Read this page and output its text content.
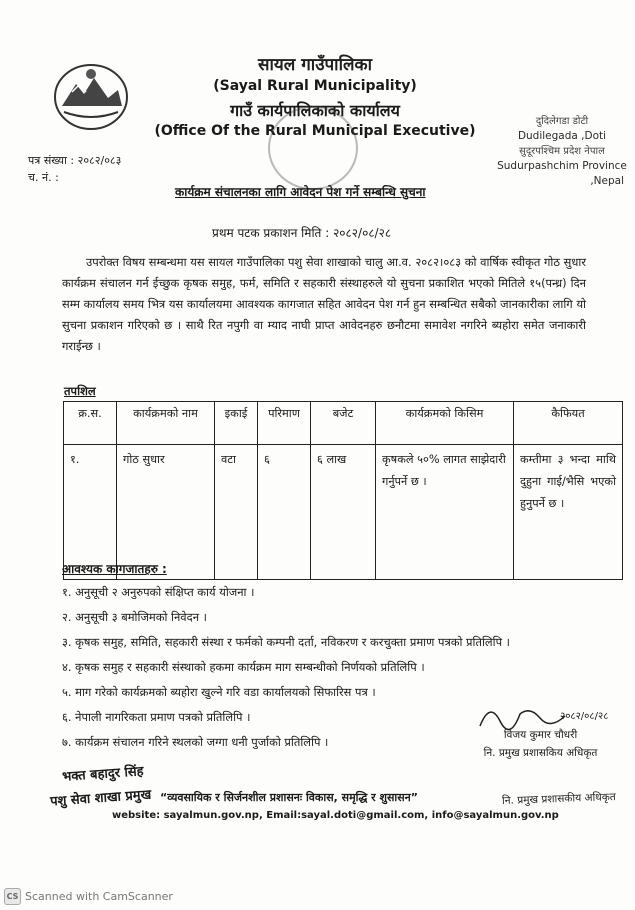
सायल गाउँपालिका
(Sayal Rural Municipality)
गाउँ कार्यपालिकाको कार्यालय
(Office Of the Rural Municipal Executive)
दुदिलेगडा डोटी
Dudilegada ,Doti
सुदूरपश्चिम प्रदेश नेपाल
Sudurpashchim Province
,Nepal
पत्र संख्या : २०८२/०८३
च. नं. :
कार्यक्रम संचालनका लागि आवेदन पेश गर्ने सम्बन्धि सुचना
प्रथम पटक प्रकाशन मिति : २०८२/०८/२८
उपरोक्त विषय सम्बन्धमा यस सायल गाउँपालिका पशु सेवा शाखाको चालु आ.व. २०८२।०८३ को वार्षिक स्वीकृत गोठ सुधार कार्यक्रम संचालन गर्न ईच्छुक कृषक समुह, फर्म, समिति र सहकारी संस्थाहरुले यो सुचना प्रकाशित भएको मितिले १५(पन्ध्र) दिन सम्म कार्यालय समय भित्र यस कार्यालयमा आवश्यक कागजात सहित आवेदन पेश गर्न हुन सम्बन्धित सबैको जानकारीका लागि यो सुचना प्रकाशन गरिएको छ । साथै रित नपुगी वा म्याद नाघी प्राप्त आवेदनहरु छनौटमा समावेश नगरिने ब्यहोरा समेत जनाकारी गराईन्छ ।
तपशिल
क्र.स.	कार्यक्रमको नाम	इकाई	परिमाण	बजेट	कार्यक्रमको किसिम	कैफियत
१.	गोठ सुधार	वटा	६	६ लाख	कृषकले ५०% लागत साझेदारी गर्नुपर्ने छ ।	कम्तीमा ३ भन्दा माथि दुहुना गाई/भैसि भएको हुनुपर्ने छ ।
आवश्यक कागजातहरु :
१. अनुसूची २ अनुरुपको संक्षिप्त कार्य योजना ।
२. अनुसूची ३ बमोजिमको निवेदन ।
३. कृषक समुह, समिति, सहकारी संस्था र फर्मको कम्पनी दर्ता, नविकरण र करचुक्ता प्रमाण पत्रको प्रतिलिपि ।
४. कृषक समुह र सहकारी संस्थाको हकमा कार्यक्रम माग सम्बन्धीको निर्णयको प्रतिलिपि ।
५. माग गरेको कार्यक्रमको ब्यहोरा खुल्ने गरि वडा कार्यालयको सिफारिस पत्र ।
६. नेपाली नागरिकता प्रमाण पत्रको प्रतिलिपि ।
७. कार्यक्रम संचालन गरिने स्थलको जग्गा धनी पुर्जाको प्रतिलिपि ।
२०८२/०८/२८
विजय कुमार चौधरी
नि. प्रमुख प्रशासकिय अधिकृत
भक्त बहादुर सिंह
पशु सेवा शाखा प्रमुख “व्यवसायिक र सिर्जनशील प्रशासनः विकास, समृद्धि र शुसासन”	नि. प्रमुख प्रशासकीय अधिकृत
website: sayalmun.gov.np, Email:sayal.doti@gmail.com, info@sayalmun.gov.np
CS Scanned with CamScanner
